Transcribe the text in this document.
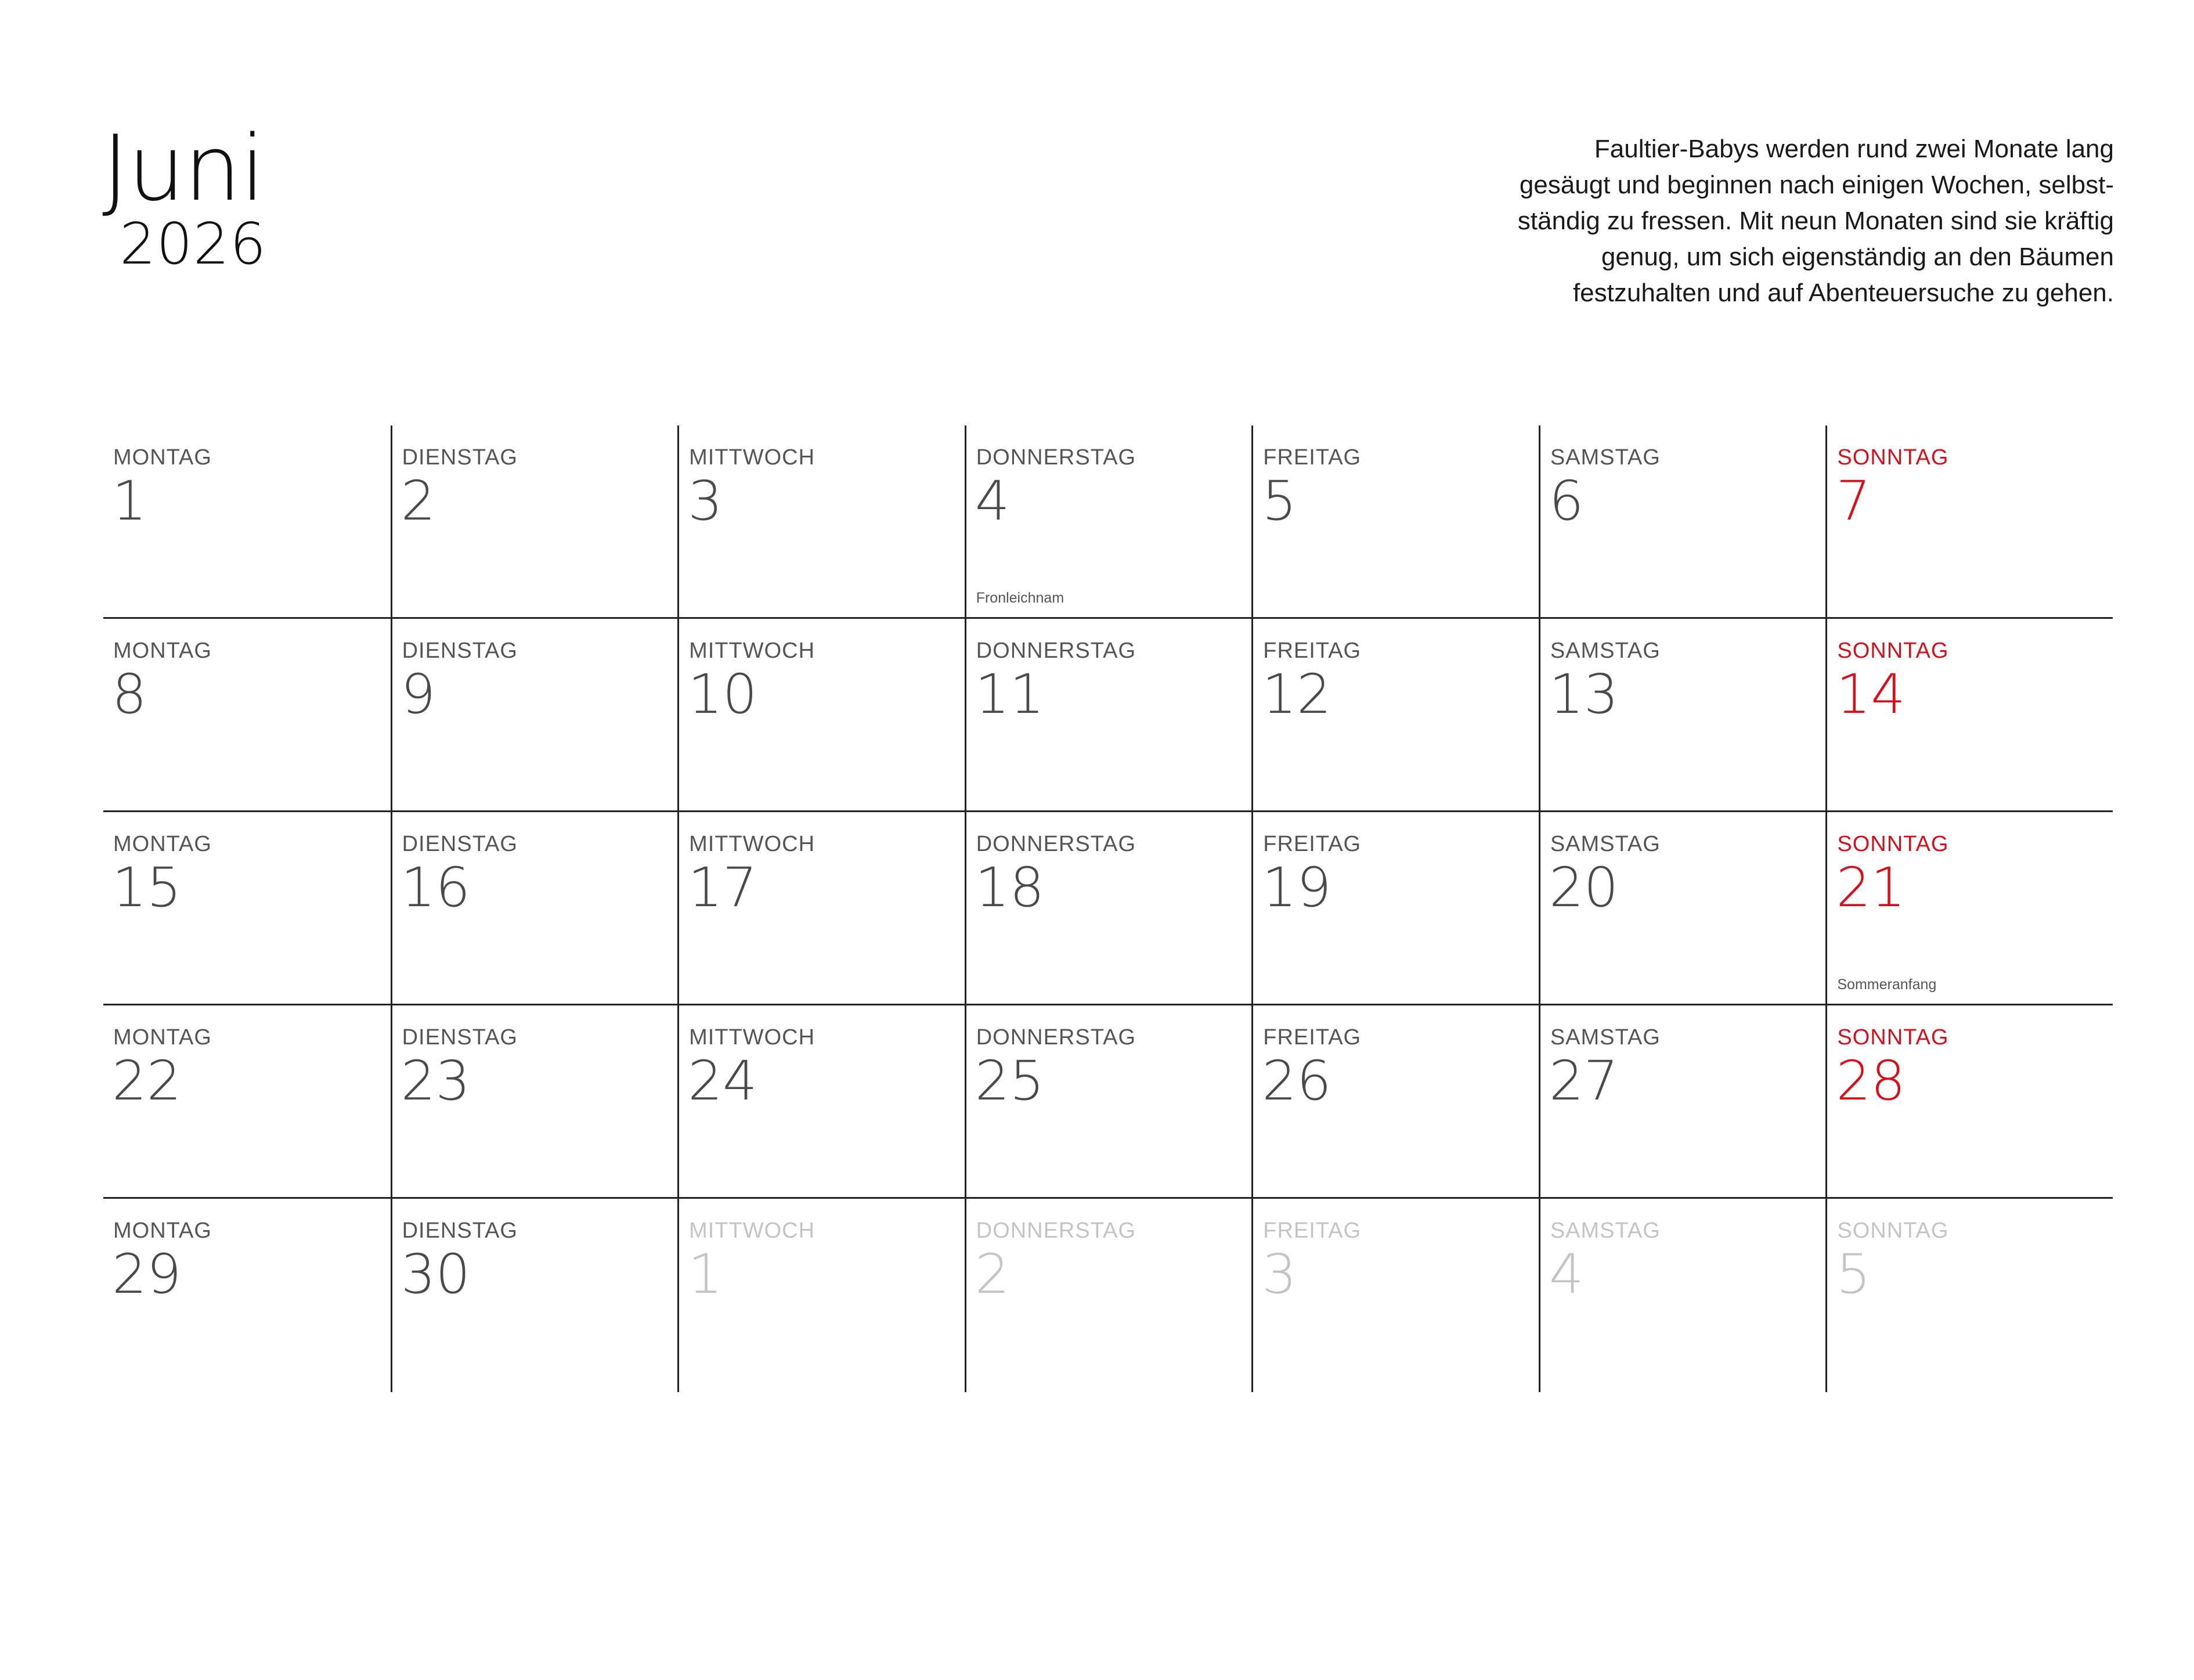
Juni
2026
Faultier-Babys werden rund zwei Monate lang
gesäugt und beginnen nach einigen Wochen, selbst-
ständig zu fressen. Mit neun Monaten sind sie kräftig
genug, um sich eigenständig an den Bäumen
festzuhalten und auf Abenteuersuche zu gehen.
MONTAG
1
DIENSTAG
2
MITTWOCH
3
DONNERSTAG
4
Fronleichnam
FREITAG
5
SAMSTAG
6
SONNTAG
7
MONTAG
8
DIENSTAG
9
MITTWOCH
10
DONNERSTAG
11
FREITAG
12
SAMSTAG
13
SONNTAG
14
MONTAG
15
DIENSTAG
16
MITTWOCH
17
DONNERSTAG
18
FREITAG
19
SAMSTAG
20
SONNTAG
21
Sommeranfang
MONTAG
22
DIENSTAG
23
MITTWOCH
24
DONNERSTAG
25
FREITAG
26
SAMSTAG
27
SONNTAG
28
MONTAG
29
DIENSTAG
30
MITTWOCH
1
DONNERSTAG
2
FREITAG
3
SAMSTAG
4
SONNTAG
5
